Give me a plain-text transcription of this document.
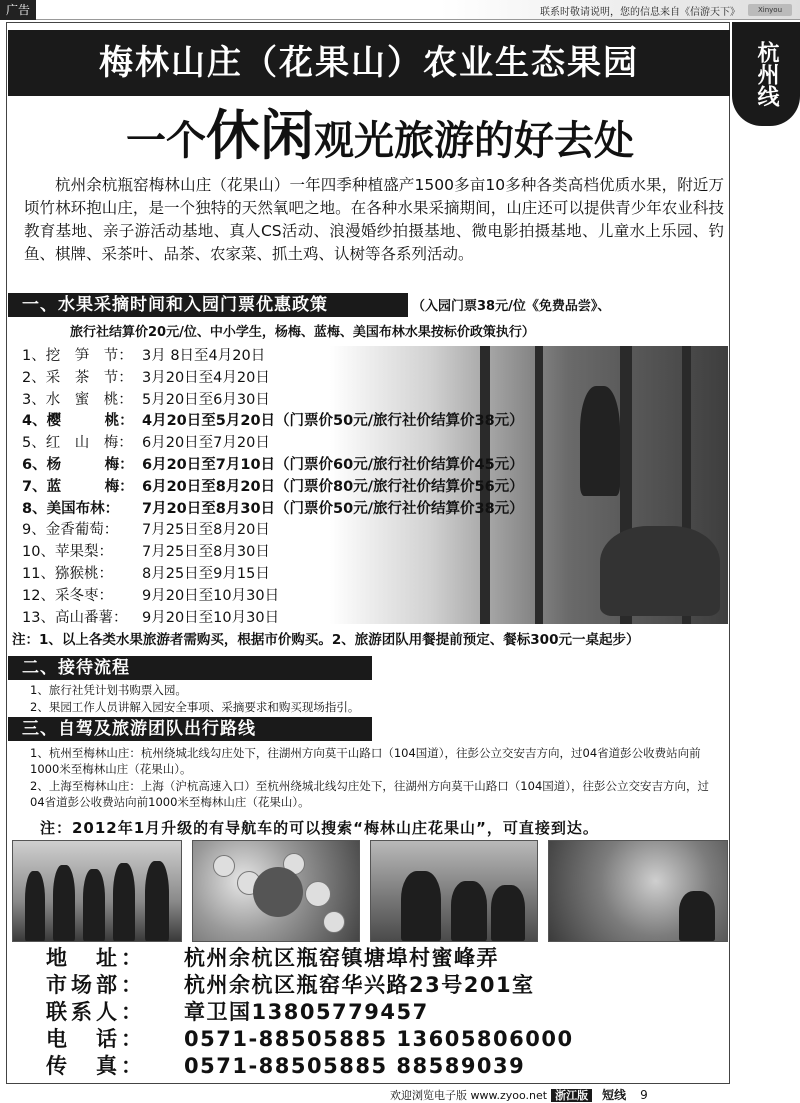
广告	联系时敬请说明，您的信息来自《信游天下》	Xinyou
梅林山庄（花果山）农业生态果园	杭州线
一个休闲观光旅游的好去处
杭州余杭瓶窑梅林山庄（花果山）一年四季种植盛产1500多亩10多种各类高档优质水果，附近万顷竹林环抱山庄，是一个独特的天然氧吧之地。在各种水果采摘期间，山庄还可以提供青少年农业科技教育基地、亲子游活动基地、真人CS活动、浪漫婚纱拍摄基地、微电影拍摄基地、儿童水上乐园、钓鱼、棋牌、采茶叶、品茶、农家菜、抓土鸡、认树等各系列活动。
一、水果采摘时间和入园门票优惠政策	（入园门票38元/位《免费品尝》、
旅行社结算价20元/位、中小学生，杨梅、蓝梅、美国布林水果按标价政策执行）
1、挖　笋　节： 3月 8日至4月20日
2、采　茶　节： 3月20日至4月20日
3、水　蜜　桃： 5月20日至6月30日
4、樱　　　桃： 4月20日至5月20日（门票价50元/旅行社价结算价38元）
5、红　山　梅： 6月20日至7月20日
6、杨　　　梅： 6月20日至7月10日（门票价60元/旅行社价结算价45元）
7、蓝　　　梅： 6月20日至8月20日（门票价80元/旅行社价结算价56元）
8、美国布林： 7月20日至8月30日（门票价50元/旅行社价结算价38元）
9、金香葡萄： 7月25日至8月20日
10、苹果梨： 7月25日至8月30日
11、猕猴桃： 8月25日至9月15日
12、采冬枣： 9月20日至10月30日
13、高山番薯： 9月20日至10月30日
注：1、以上各类水果旅游者需购买，根据市价购买。2、旅游团队用餐提前预定、餐标300元一桌起步）
二、接待流程
1、旅行社凭计划书购票入园。
2、果园工作人员讲解入园安全事项、采摘要求和购买现场指引。
三、自驾及旅游团队出行路线
1、杭州至梅林山庄：杭州绕城北线勾庄处下，往湖州方向莫干山路口（104国道），往彭公立交安吉方向，过04省道彭公收费站向前1000米至梅林山庄（花果山）。
2、上海至梅林山庄：上海（沪杭高速入口）至杭州绕城北线勾庄处下，往湖州方向莫干山路口（104国道），往彭公立交安吉方向，过04省道彭公收费站向前1000米至梅林山庄（花果山）。
注：2012年1月升级的有导航车的可以搜索“梅林山庄花果山”，可直接到达。
地　址： 杭州余杭区瓶窑镇塘埠村蜜峰弄
市场部： 杭州余杭区瓶窑华兴路23号201室
联系人： 章卫国13805779457
电　话： 0571-88505885 13605806000
传　真： 0571-88505885 88589039
欢迎浏览电子版 www.zyoo.net 浙江版 短线 9
